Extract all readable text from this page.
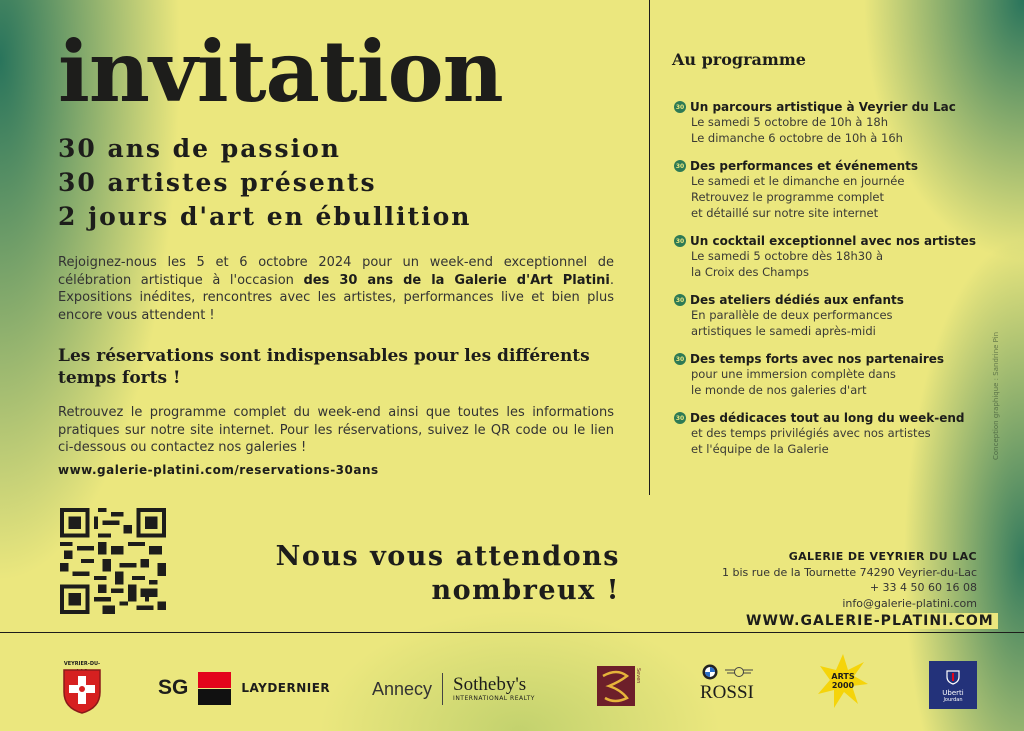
invitation
30 ans de passion
30 artistes présents
2 jours d'art en ébullition

Rejoignez-nous les 5 et 6 octobre 2024 pour un week-end exceptionnel de célébration artistique à l'occasion des 30 ans de la Galerie d'Art Platini. Expositions inédites, rencontres avec les artistes, performances live et bien plus encore vous attendent !

Les réservations sont indispensables pour les différents temps forts !

Retrouvez le programme complet du week-end ainsi que toutes les informations pratiques sur notre site internet. Pour les réservations, suivez le QR code ou le lien ci-dessous ou contactez nos galeries !

www.galerie-platini.com/reservations-30ans
Nous vous attendons
nombreux !
Au programme
30 Un parcours artistique à Veyrier du Lac
Le samedi 5 octobre de 10h à 18h
Le dimanche 6 octobre de 10h à 16h
30 Des performances et événements
Le samedi et le dimanche en journée
Retrouvez le programme complet
et détaillé sur notre site internet
30 Un cocktail exceptionnel avec nos artistes
Le samedi 5 octobre dès 18h30 à
la Croix des Champs
30 Des ateliers dédiés aux enfants
En parallèle de deux performances
artistiques le samedi après-midi
30 Des temps forts avec nos partenaires
pour une immersion complète dans
le monde de nos galeries d'art
30 Des dédicaces tout au long du week-end
et des temps privilégiés avec nos artistes
et l'équipe de la Galerie	Conception graphique : Sandrine Pin
GALERIE DE VEYRIER DU LAC
1 bis rue de la Tournette 74290 Veyrier-du-Lac
+ 33 4 50 60 16 08
info@galerie-platini.com
WWW.GALERIE-PLATINI.COM
VEYRIER-DU-
SG	LAYDERNIER Annecy Sotheby's
INTERNATIONAL REALTY
Seven
ROSSI
ARTS
2000
Uberti
Jourdan
